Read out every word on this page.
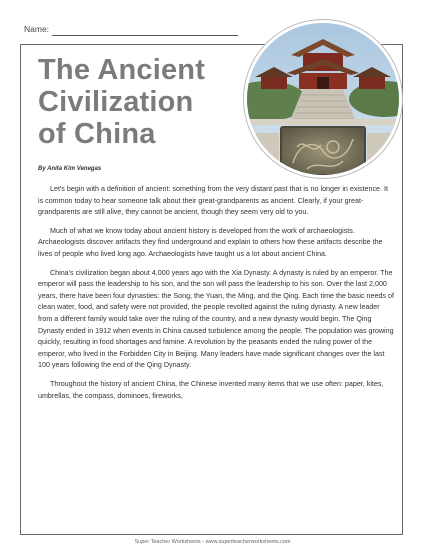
Name:
The Ancient
Civilization
of China
By Anita Kim Venegas

Let's begin with a definition of ancient: something from the very distant past that is no longer in existence. It is common today to hear someone talk about their great-grandparents as ancient. Clearly, if your great-grandparents are still alive, they cannot be ancient, though they seem very old to you.

Much of what we know today about ancient history is developed from the work of archaeologists. Archaeologists discover artifacts they find underground and explain to others how these artifacts describe the lives of people who lived long ago. Archaeologists have taught us a lot about ancient China.

China's civilization began about 4,000 years ago with the Xia Dynasty. A dynasty is ruled by an emperor. The emperor will pass the leadership to his son, and the son will pass the leadership to his son. Over the last 2,000 years, there have been four dynasties: the Song, the Yuan, the Ming, and the Qing. Each time the basic needs of clean water, food, and safety were not provided, the people revolted against the ruling dynasty. A new leader from a different family would take over the ruling of the country, and a new dynasty would begin. The Qing Dynasty ended in 1912 when events in China caused turbulence among the people. The population was growing quickly, resulting in food shortages and famine. A revolution by the peasants ended the ruling power of the emperor, who lived in the Forbidden City in Beijing. Many leaders have made significant changes over the last 100 years following the end of the Qing Dynasty.

Throughout the history of ancient China, the Chinese invented many items that we use often: paper, kites, umbrellas, the compass, dominoes, fireworks,

Super Teacher Worksheets - www.superteacherworksheets.com
